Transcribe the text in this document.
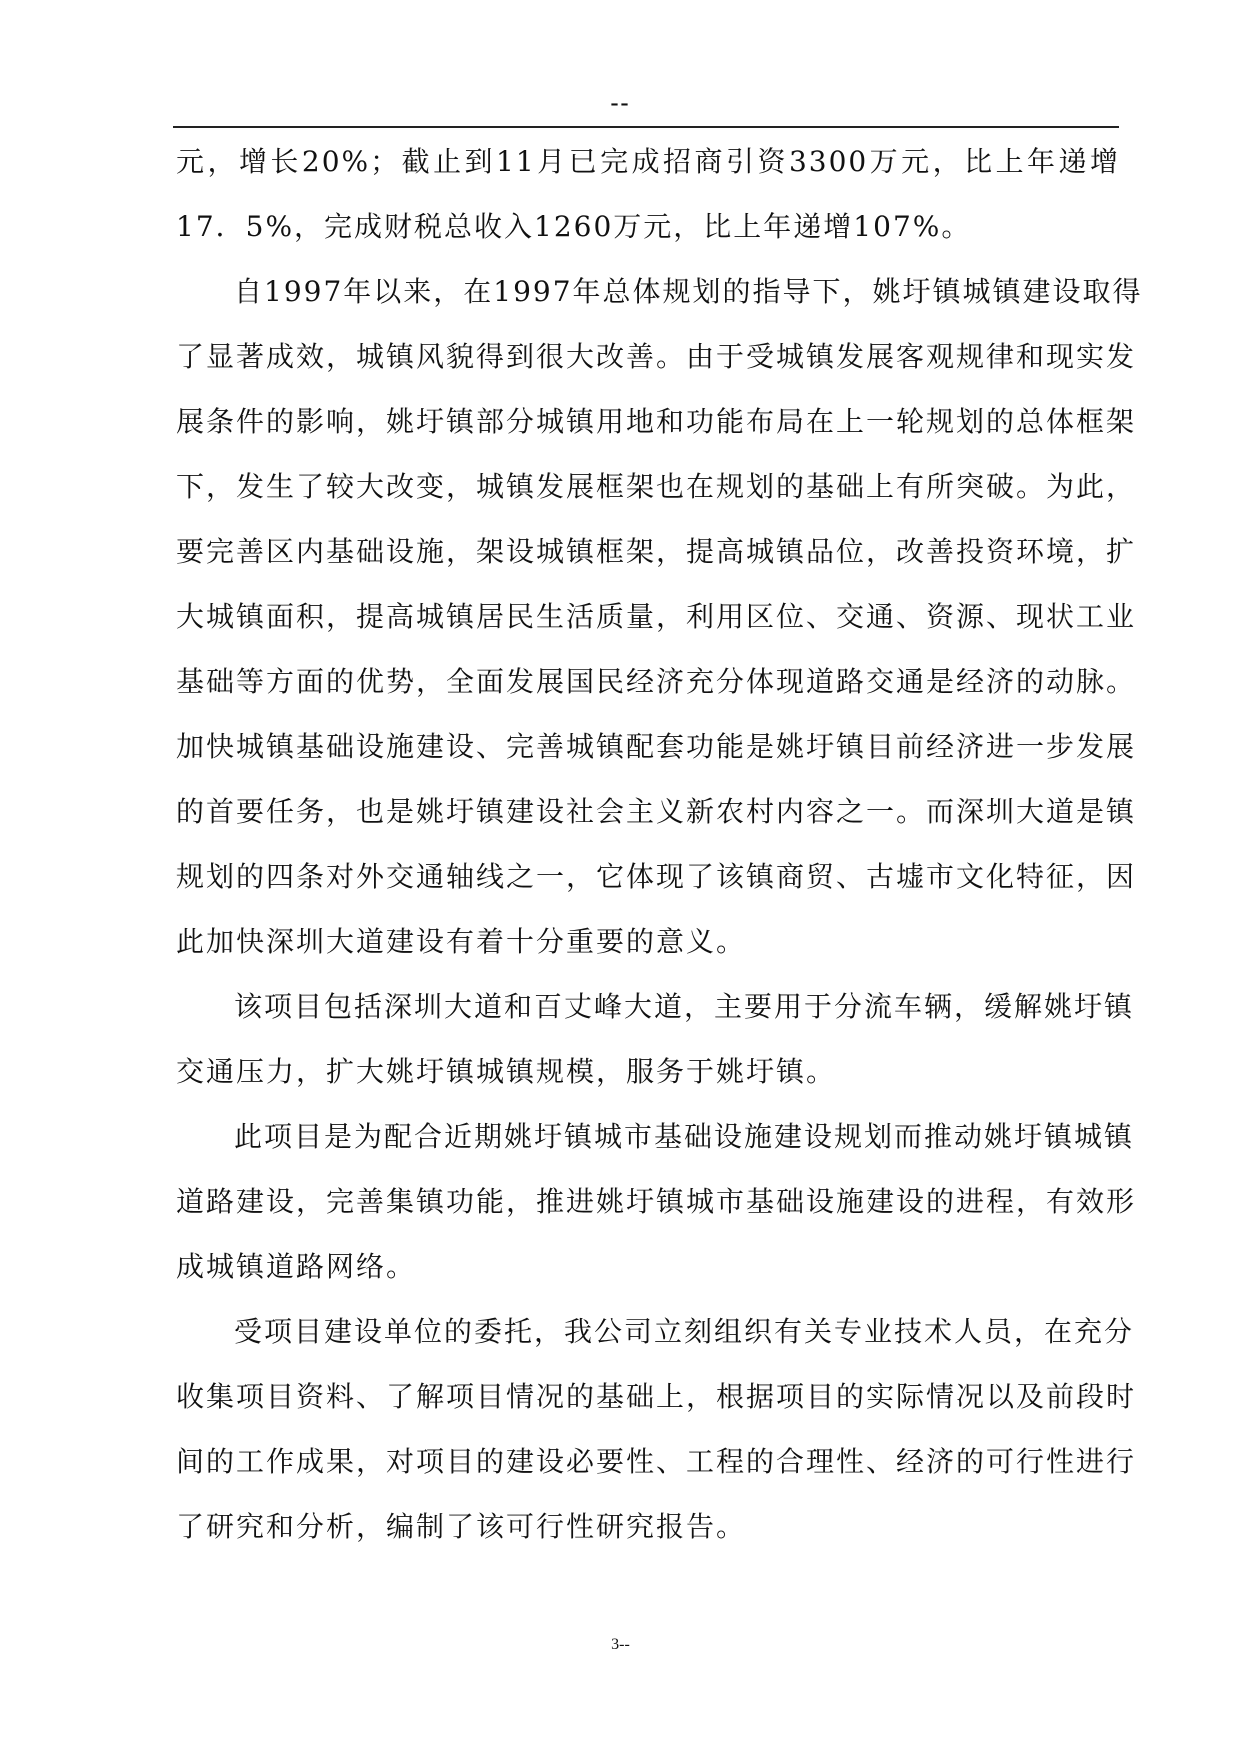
--
元，增长20%；截止到11月已完成招商引资3300万元，比上年递增
17．5%，完成财税总收入1260万元，比上年递增107%。
自1997年以来，在1997年总体规划的指导下，姚圩镇城镇建设取得
了显著成效，城镇风貌得到很大改善。由于受城镇发展客观规律和现实发
展条件的影响，姚圩镇部分城镇用地和功能布局在上一轮规划的总体框架
下，发生了较大改变，城镇发展框架也在规划的基础上有所突破。为此，
要完善区内基础设施，架设城镇框架，提高城镇品位，改善投资环境，扩
大城镇面积，提高城镇居民生活质量，利用区位、交通、资源、现状工业
基础等方面的优势，全面发展国民经济充分体现道路交通是经济的动脉。
加快城镇基础设施建设、完善城镇配套功能是姚圩镇目前经济进一步发展
的首要任务，也是姚圩镇建设社会主义新农村内容之一。而深圳大道是镇
规划的四条对外交通轴线之一，它体现了该镇商贸、古墟市文化特征，因
此加快深圳大道建设有着十分重要的意义。
该项目包括深圳大道和百丈峰大道，主要用于分流车辆，缓解姚圩镇
交通压力，扩大姚圩镇城镇规模，服务于姚圩镇。
此项目是为配合近期姚圩镇城市基础设施建设规划而推动姚圩镇城镇
道路建设，完善集镇功能，推进姚圩镇城市基础设施建设的进程，有效形
成城镇道路网络。
受项目建设单位的委托，我公司立刻组织有关专业技术人员，在充分
收集项目资料、了解项目情况的基础上，根据项目的实际情况以及前段时
间的工作成果，对项目的建设必要性、工程的合理性、经济的可行性进行
了研究和分析，编制了该可行性研究报告。
3--
